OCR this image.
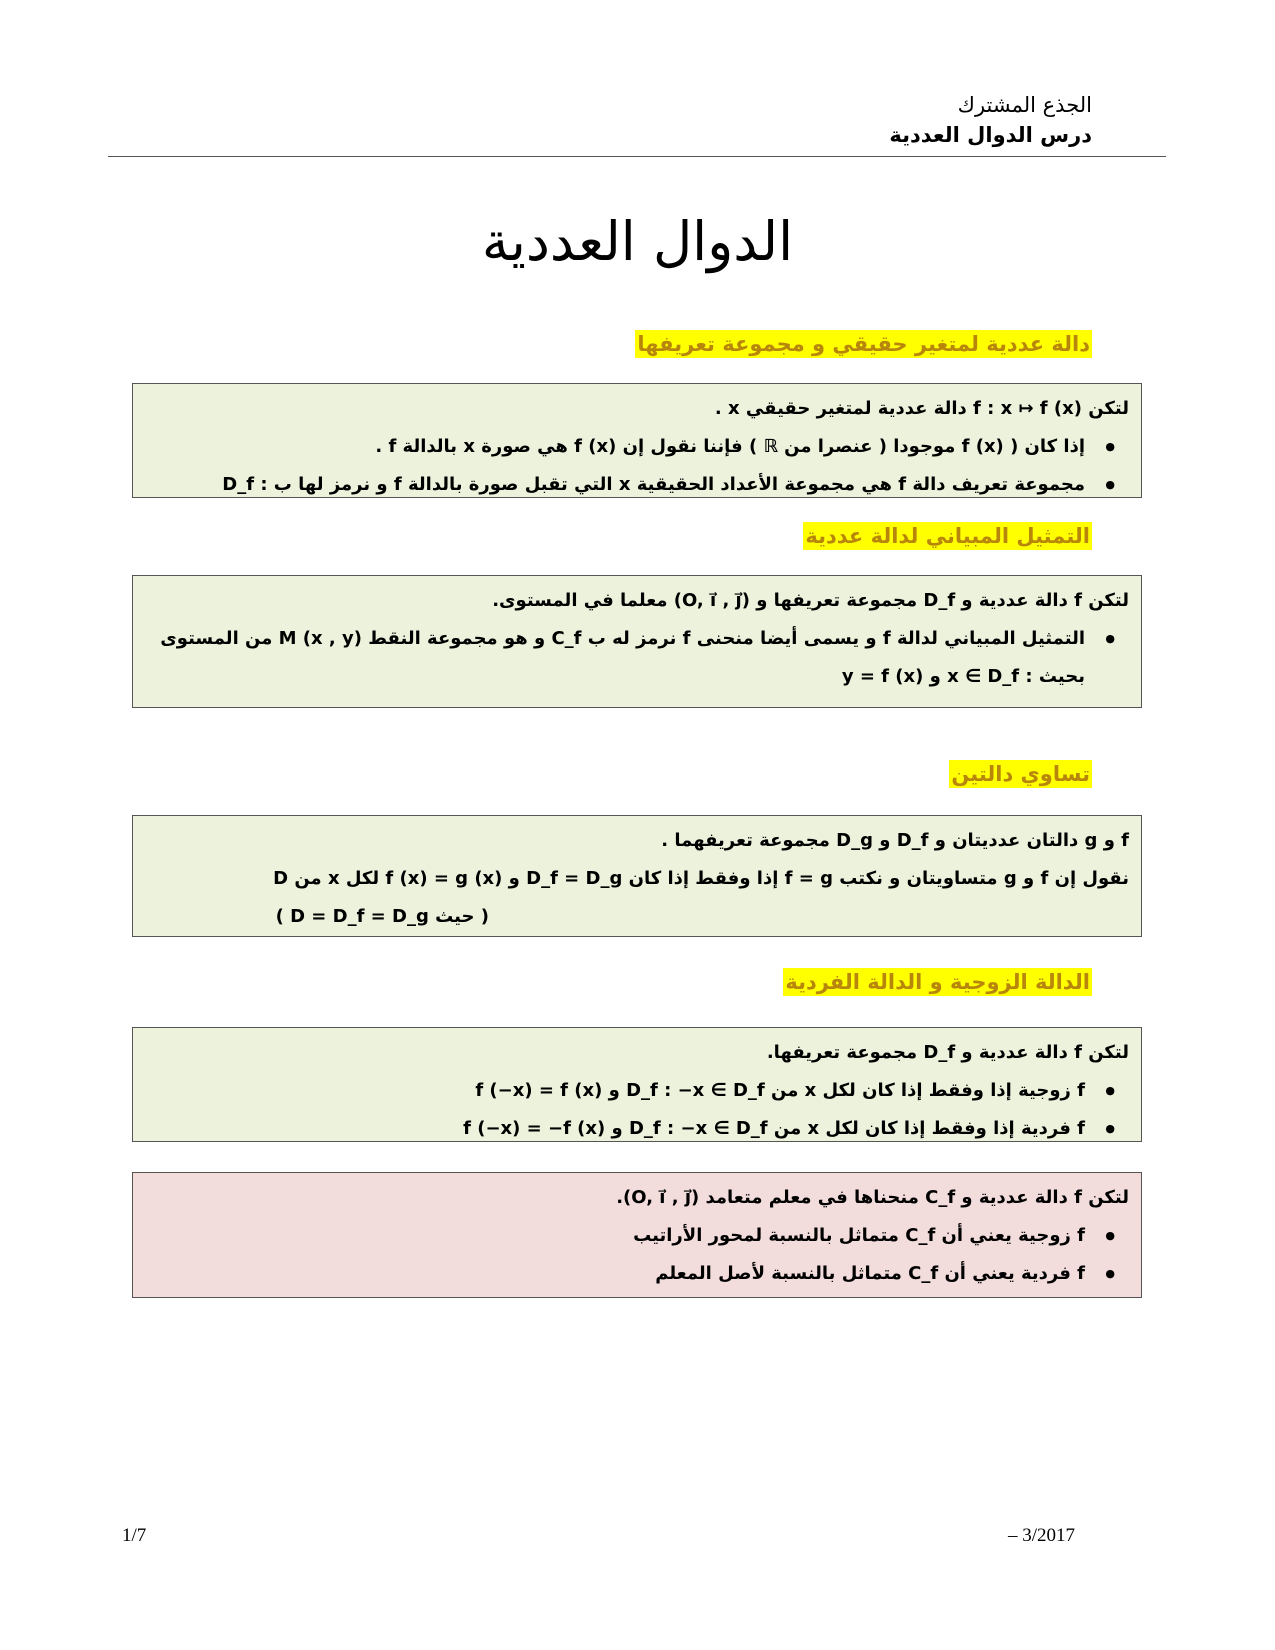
الجذع المشترك
درس الدوال العددية
الدوال العددية
دالة عددية لمتغير حقيقي و مجموعة تعريفها
لتكن f : x ↦ f (x) دالة عددية لمتغير حقيقي x .
● إذا كان ( f (x) موجودا ( عنصرا من ℝ ) فإننا نقول إن f (x) هي صورة x بالدالة f .
● مجموعة تعريف دالة f هي مجموعة الأعداد الحقيقية x التي تقبل صورة بالدالة f و نرمز لها ب : D_f
التمثيل المبياني لدالة عددية
لتكن f دالة عددية و D_f مجموعة تعريفها و (O, i⃗ , j⃗) معلما في المستوى.
● التمثيل المبياني لدالة f و يسمى أيضا منحنى f نرمز له ب C_f و هو مجموعة النقط M (x , y) من المستوى
بحيث : x ∈ D_f و y = f (x)
تساوي دالتين
f و g دالتان عدديتان و D_f و D_g مجموعة تعريفهما .
نقول إن f و g متساويتان و نكتب f = g إذا وفقط إذا كان D_f = D_g و f (x) = g (x) لكل x من D
( حيث D = D_f = D_g )
الدالة الزوجية و الدالة الفردية
لتكن f دالة عددية و D_f مجموعة تعريفها.
● f زوجية إذا وفقط إذا كان لكل x من D_f : −x ∈ D_f و f (−x) = f (x)
● f فردية إذا وفقط إذا كان لكل x من D_f : −x ∈ D_f و f (−x) = −f (x)
لتكن f دالة عددية و C_f منحناها في معلم متعامد (O, i⃗ , j⃗).
● f زوجية يعني أن C_f متماثل بالنسبة لمحور الأراتيب
● f فردية يعني أن C_f متماثل بالنسبة لأصل المعلم
– 3/2017
1/7
